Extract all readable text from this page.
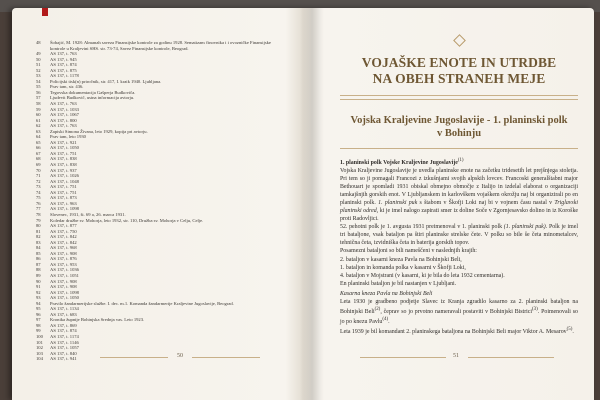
48	Šobajić, M. 1928: Almanah saveza Finansijske kontrole za godinu 1928. Sematizam činovnika i i ovozničke Finansijske kontrole u Kraljevini SHS. str. 73-74, Savez Finansijske kontrole, Beograd.
49	AS 137, t. 763
50	AS 137, t. 945
51	AS 137, t. 874
52	AS 137, t. 875
53	AS 137, t. 1178
54	Policijski tisk(n) priročnik, str. 417, I. kraik 1940. Ljubljana.
55	Prav tam, str. 436.
56	Tegovska dokumentacija Gašperja Budkoviča.
57	Ljudevit Budkovič, ustna informacija avtorju.
58	AS 137, t. 763
59	AS 137, t. 1033
60	AS 137, t. 1067
61	AS 137, t. 800
62	AS 137, t. 763
63	Zapiski Simona Živana, leto 1929, kopija pri avtorju.
64	Prav tam, leto 1930
65	AS 137, t. 921
66	AS 137, t. 1050
67	AS 137, t. 751
68	AS 137, t. 838
69	AS 137, t. 838
70	AS 137, t. 937
71	AS 137, t. 1026
72	AS 137, t. 1048
73	AS 137, t. 751
74	AS 137, t. 751
75	AS 137, t. 873
76	AS 137, t. 963
77	AS 137, t. 1098
78	Slovenec, 1931, št. 69 a, 26. marca 1931.
79	Koledar družbe sv. Mohorja, leto 1932, str. 110, Družba sv. Mohorja v Celju, Celje.
80	AS 137, t. 877
81	AS 137, t. 750
82	AS 137, t. 842
83	AS 137, t. 842
84	AS 137, t. 968
85	AS 137, t. 908
86	AS 137, t. 876
87	AS 137, t. 953
88	AS 137, t. 1036
89	AS 137, t. 1051
90	AS 137, t. 908
91	AS 137, t. 908
92	AS 137, t. 1098
93	AS 137, t. 1050
94	Pravilo žandarmerijske službe. I. dec. m.1. Komanda žandarmerije Kraljevine Jugoslavije, Beograd.
95	AS 137, t. 1134
96	AS 137, t. 683
97	Kronika župnije Bohinjska Srednja vas. Leto 1923.
98	AS 137, t. 869
99	AS 137, t. 874
100	AS 137, t. 1174
101	AS 137, t. 1146
102	AS 137, t. 1057
103	AS 137, t. 840
104	AS 137, t. 941	50
VOJAŠKE ENOTE IN UTRDBE
NA OBEH STRANEH MEJE
Vojska Kraljevine Jugoslavije - 1. planinski polk
v Bohinju

1. planinski polk Vojske Kraljevine Jugoslavije$^{(1)}$
Vojska Kraljevine Jugoslavije je uvedla planinske enote na začetku tridesetih let prejšnjega stoletja. Pri tem so ji pomagali Francozi z izkušnjami svojih alpskih lovcev. Francoski generalštabni major Bethouart je spomladi 1931 obiskal obmejno območje z Italijo in izdelal elaborat o organizaciji tamkajšnjih gorskih enot. V Ljubljanskem in karlovškem vojaškem okrožju naj bi organizirali po en planinski polk. 1. planinski puk s štabom v Škofji Loki naj bi v vojnem času nastal v Triglavski planinski odred, ki je imel nalogo zapirati smer iz doline Soče v Zgornjesavsko dolino in iz Koroške proti Radovljici.

52. pehotni polk je 1. avgusta 1931 preimenoval v 1. planinski polk (1. planinski puk). Polk je imel tri bataljone, vsak bataljon pa štiri planinske strelske čete. V polku so bile še četa minometalcev, tehnična četa, izvidniška četa in baterija gorskih topov.

Posamezni bataljoni so bili nameščeni v naslednjih krajih:

2. bataljon v kasarni kneza Pavla na Bohinjski Beli,

1. bataljon in komanda polka v kasarni v Škofji Loki,

4. bataljon v Mojstrani (v kasarni, ki je bila do leta 1932 cementarna).

En planinski bataljon je bil nastanjen v Ljubljani.

Kasarna kneza Pavla na Bohinjski Beli

Leta 1930 je gradbeno podjetje Slavec iz Kranja zgradilo kasarno za 2. planinski bataljon na Bohinjski Beli$^{(2)}$, čeprav so jo prvotno nameravali postaviti v Bohinjski Bistrici$^{(3)}$. Poimenovali so jo po knezu Pavlu$^{(4)}$.

Leta 1939 je bil komandant 2. planinskega bataljona na Bohinjski Beli major Viktor A. Mesarov$^{(5)}$.

51
